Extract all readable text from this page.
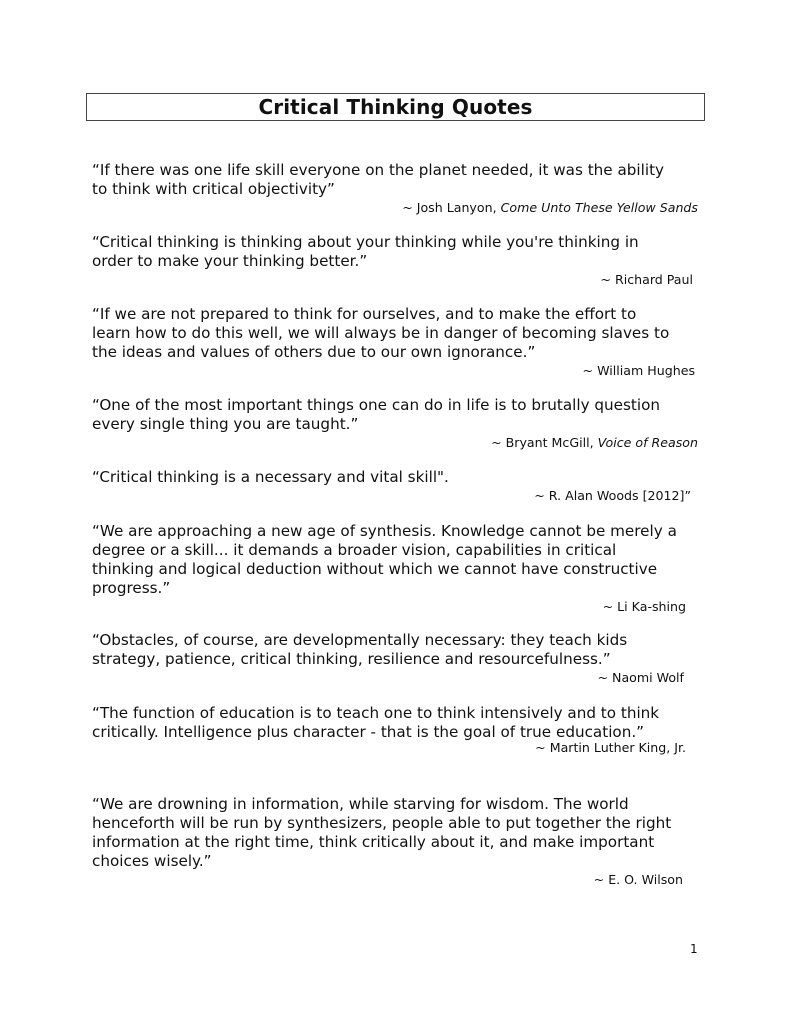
Critical Thinking Quotes

“If there was one life skill everyone on the planet needed, it was the ability
to think with critical objectivity”

~ Josh Lanyon, Come Unto These Yellow Sands

“Critical thinking is thinking about your thinking while you're thinking in
order to make your thinking better.”

~ Richard Paul

“If we are not prepared to think for ourselves, and to make the effort to
learn how to do this well, we will always be in danger of becoming slaves to
the ideas and values of others due to our own ignorance.”

~ William Hughes

“One of the most important things one can do in life is to brutally question
every single thing you are taught.”

~ Bryant McGill, Voice of Reason

“Critical thinking is a necessary and vital skill".

~ R. Alan Woods [2012]”

“We are approaching a new age of synthesis. Knowledge cannot be merely a
degree or a skill... it demands a broader vision, capabilities in critical
thinking and logical deduction without which we cannot have constructive
progress.”

~ Li Ka-shing

“Obstacles, of course, are developmentally necessary: they teach kids
strategy, patience, critical thinking, resilience and resourcefulness.”

~ Naomi Wolf

“The function of education is to teach one to think intensively and to think
critically. Intelligence plus character - that is the goal of true education.”

~ Martin Luther King, Jr.

“We are drowning in information, while starving for wisdom. The world
henceforth will be run by synthesizers, people able to put together the right
information at the right time, think critically about it, and make important
choices wisely.”

~ E. O. Wilson
1
